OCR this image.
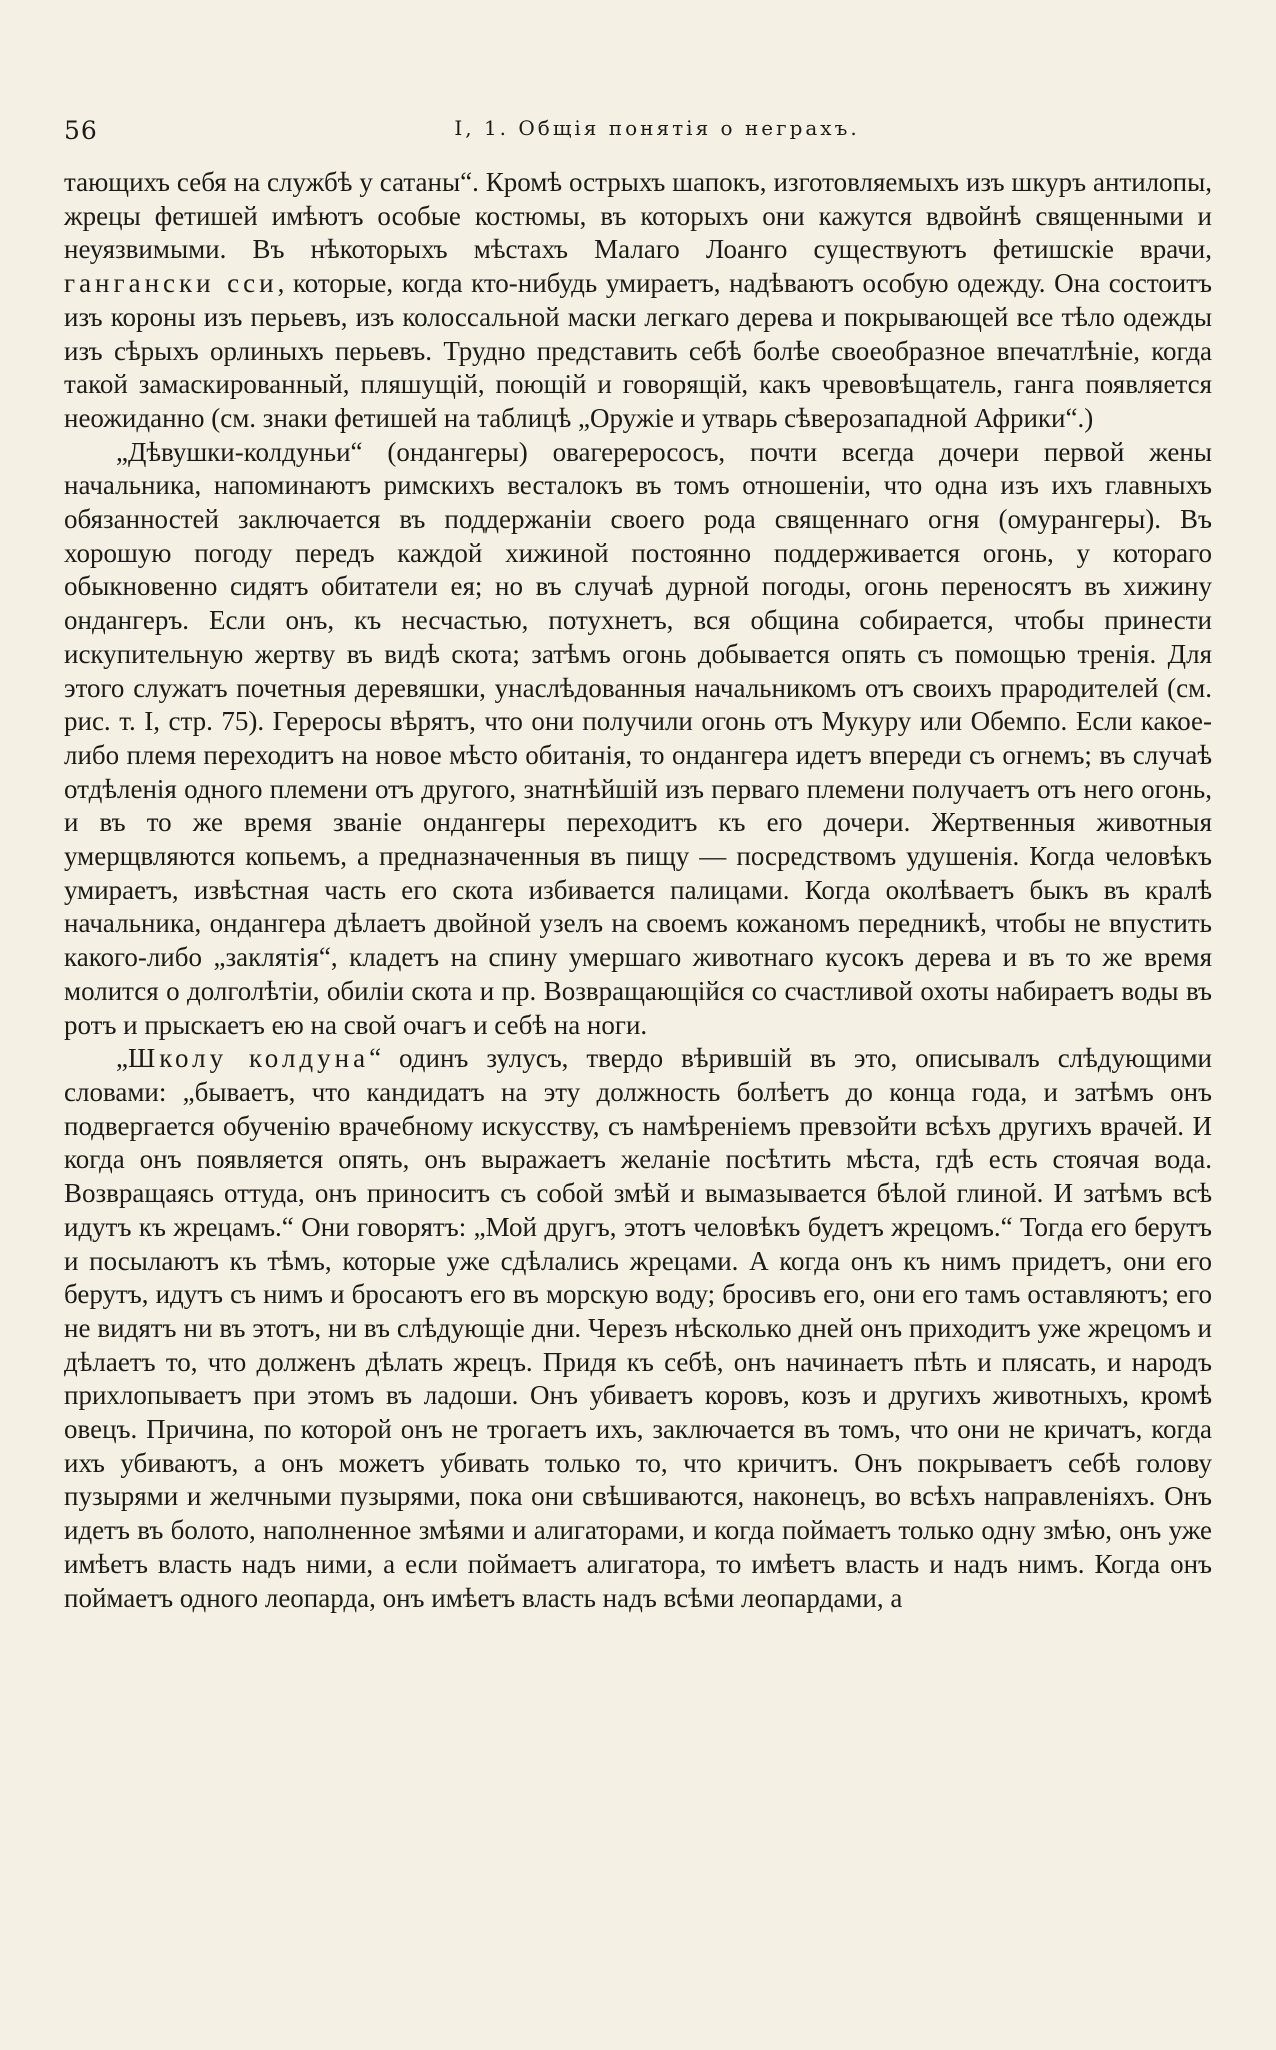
56	I, 1. Общія понятія о неграхъ.

тающихъ себя на службѣ у сатаны“. Кромѣ острыхъ шапокъ, изготовляемыхъ изъ шкуръ антилопы, жрецы фетишей имѣютъ особые костюмы, въ которыхъ они кажутся вдвойнѣ священными и неуязвимыми. Въ нѣкоторыхъ мѣстахъ Малаго Лоанго существуютъ фетишскіе врачи, гангански сси, которые, когда кто-нибудь умираетъ, надѣваютъ особую одежду. Она состоитъ изъ короны изъ перьевъ, изъ колоссальной маски легкаго дерева и покрывающей все тѣло одежды изъ сѣрыхъ орлиныхъ перьевъ. Трудно представить себѣ болѣе своеобразное впечатлѣніе, когда такой замаскированный, пляшущій, поющій и говорящій, какъ чревовѣщатель, ганга появляется неожиданно (см. знаки фетишей на таблицѣ „Оружіе и утварь сѣверозападной Африки“.)

„Дѣвушки-колдуньи“ (ондангеры) овагерерососъ, почти всегда дочери первой жены начальника, напоминаютъ римскихъ весталокъ въ томъ отношеніи, что одна изъ ихъ главныхъ обязанностей заключается въ поддержаніи своего рода священнаго огня (омурангеры). Въ хорошую погоду передъ каждой хижиной постоянно поддерживается огонь, у котораго обыкновенно сидятъ обитатели ея; но въ случаѣ дурной погоды, огонь переносятъ въ хижину ондангеръ. Если онъ, къ несчастью, потухнетъ, вся община собирается, чтобы принести искупительную жертву въ видѣ скота; затѣмъ огонь добывается опять съ помощью тренія. Для этого служатъ почетныя деревяшки, унаслѣдованныя начальникомъ отъ своихъ прародителей (см. рис. т. I, стр. 75). Гереросы вѣрятъ, что они получили огонь отъ Мукуру или Обемпо. Если какое-либо племя переходитъ на новое мѣсто обитанія, то ондангера идетъ впереди съ огнемъ; въ случаѣ отдѣленія одного племени отъ другого, знатнѣйшій изъ перваго племени получаетъ отъ него огонь, и въ то же время званіе ондангеры переходитъ къ его дочери. Жертвенныя животныя умерщвляются копьемъ, а предназначенныя въ пищу — посредствомъ удушенія. Когда человѣкъ умираетъ, извѣстная часть его скота избивается палицами. Когда околѣваетъ быкъ въ кралѣ начальника, ондангера дѣлаетъ двойной узелъ на своемъ кожаномъ передникѣ, чтобы не впустить какого-либо „заклятія“, кладетъ на спину умершаго животнаго кусокъ дерева и въ то же время молится о долголѣтіи, обиліи скота и пр. Возвращающійся со счастливой охоты набираетъ воды въ ротъ и прыскаетъ ею на свой очагъ и себѣ на ноги.

„Школу колдуна“ одинъ зулусъ, твердо вѣрившій въ это, описывалъ слѣдующими словами: „бываетъ, что кандидатъ на эту должность болѣетъ до конца года, и затѣмъ онъ подвергается обученію врачебному искусству, съ намѣреніемъ превзойти всѣхъ другихъ врачей. И когда онъ появляется опять, онъ выражаетъ желаніе посѣтить мѣста, гдѣ есть стоячая вода. Возвращаясь оттуда, онъ приноситъ съ собой змѣй и вымазывается бѣлой глиной. И затѣмъ всѣ идутъ къ жрецамъ.“ Они говорятъ: „Мой другъ, этотъ человѣкъ будетъ жрецомъ.“ Тогда его берутъ и посылаютъ къ тѣмъ, которые уже сдѣлались жрецами. А когда онъ къ нимъ придетъ, они его берутъ, идутъ съ нимъ и бросаютъ его въ морскую воду; бросивъ его, они его тамъ оставляютъ; его не видятъ ни въ этотъ, ни въ слѣдующіе дни. Черезъ нѣсколько дней онъ приходитъ уже жрецомъ и дѣлаетъ то, что долженъ дѣлать жрецъ. Придя къ себѣ, онъ начинаетъ пѣть и плясать, и народъ прихлопываетъ при этомъ въ ладоши. Онъ убиваетъ коровъ, козъ и другихъ животныхъ, кромѣ овецъ. Причина, по которой онъ не трогаетъ ихъ, заключается въ томъ, что они не кричатъ, когда ихъ убиваютъ, а онъ можетъ убивать только то, что кричитъ. Онъ покрываетъ себѣ голову пузырями и желчными пузырями, пока они свѣшиваются, наконецъ, во всѣхъ направленіяхъ. Онъ идетъ въ болото, наполненное змѣями и алигаторами, и когда поймаетъ только одну змѣю, онъ уже имѣетъ власть надъ ними, а если поймаетъ алигатора, то имѣетъ власть и надъ нимъ. Когда онъ поймаетъ одного леопарда, онъ имѣетъ власть надъ всѣми леопардами, а
